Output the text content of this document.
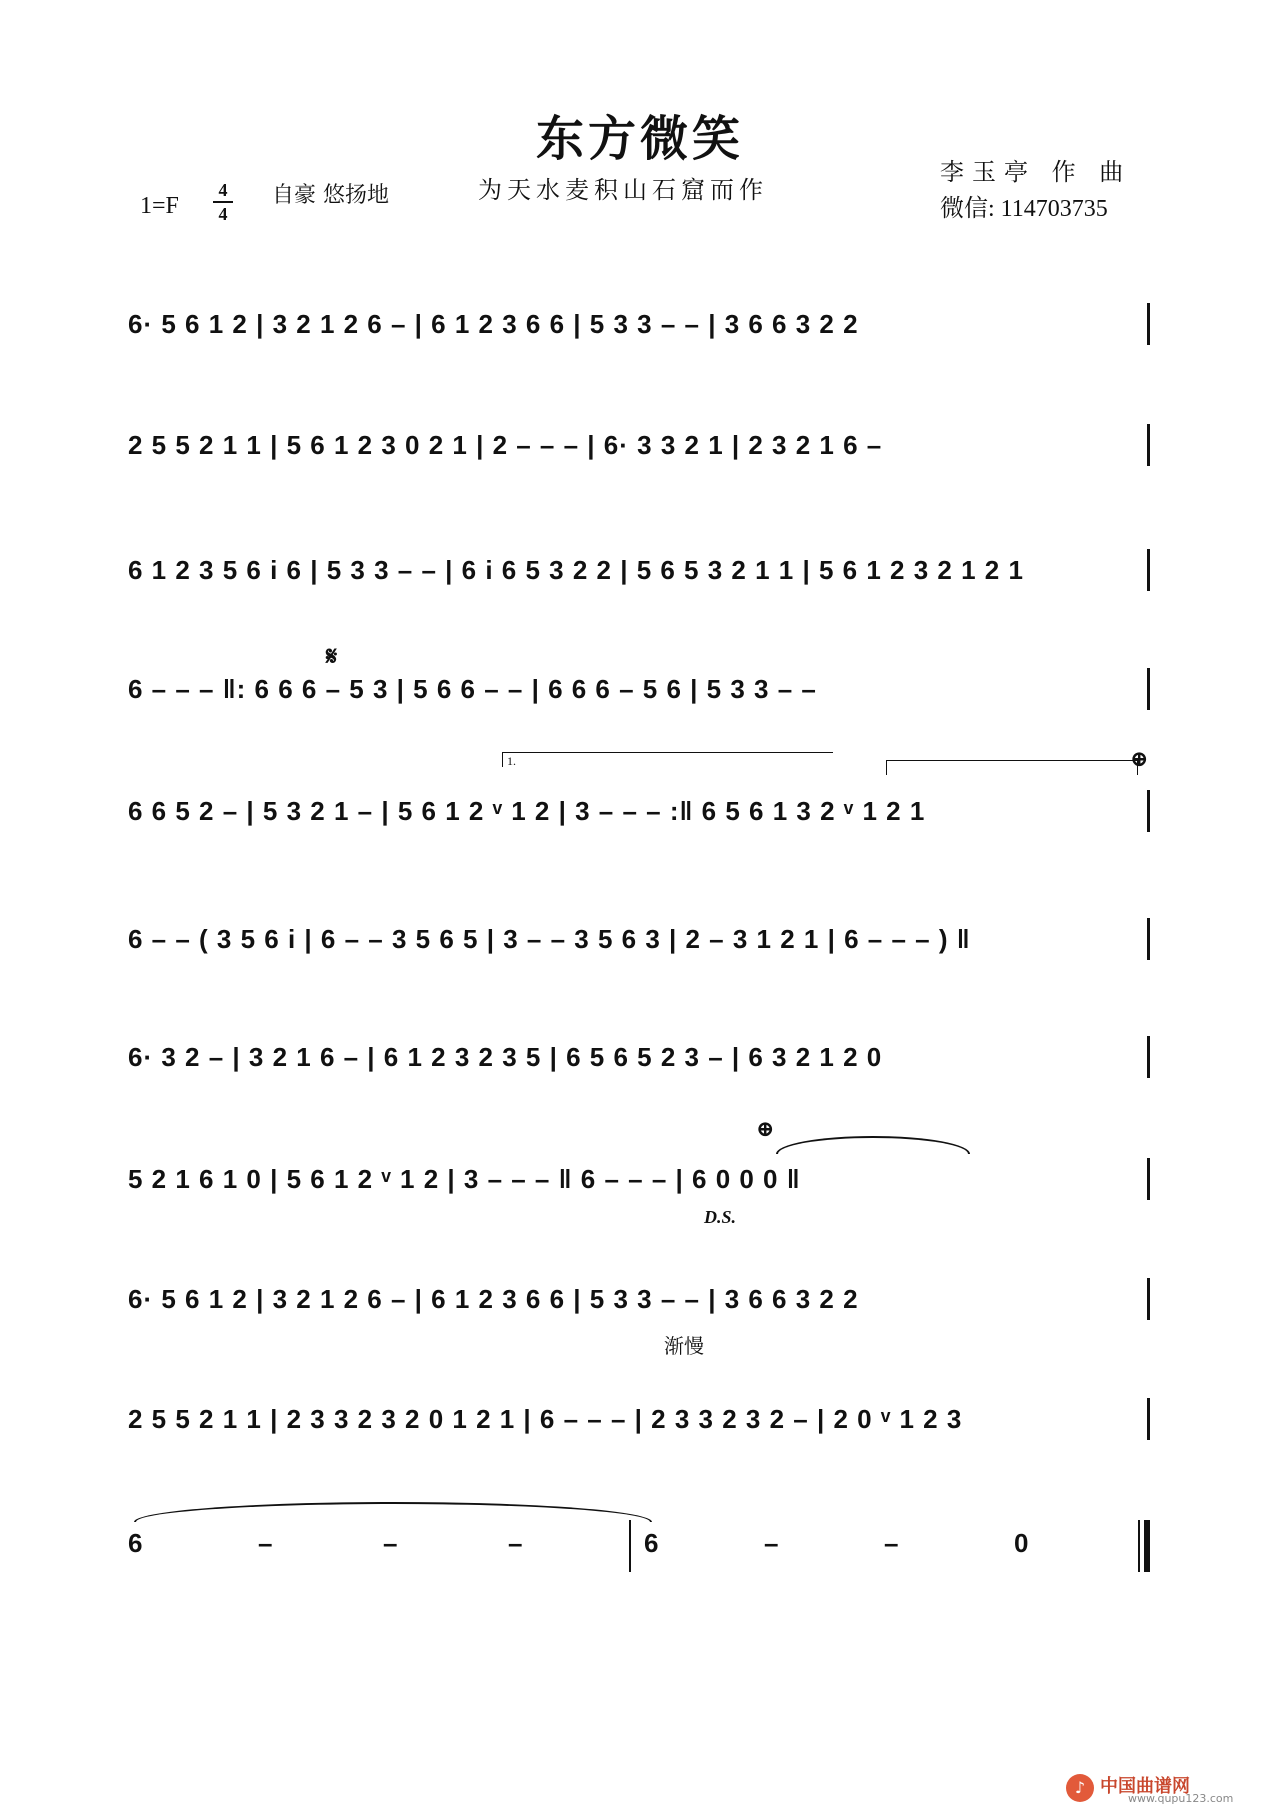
东方微笑
1=F
4
4
自豪 悠扬地	为天水麦积山石窟而作
李玉亭 作 曲
微信: 114703735
6· 5 6 1 2 | 3 2 1 2 6 – | 6 1 2 3 6 6 | 5 3 3 – – | 3 6 6 3 2 2
2 5 5 2 1 1 | 5 6 1 2 3 0 2 1 | 2 – – – | 6· 3 3 2 1 | 2 3 2 1 6 –
6 1 2 3 5 6 i 6 | 5 3 3 – – | 6 i 6 5 3 2 2 | 5 6 5 3 2 1 1 | 5 6 1 2 3 2 1 2 1
6 – – – ‖: 6 6 6 – 5 3 | 5 6 6 – – | 6 6 6 – 5 6 | 5 3 3 – –
6 6 5 2 – | 5 3 2 1 – | 5 6 1 2 ᵛ 1 2 | 3 – – – :‖ 6 5 6 1 3 2 ᵛ 1 2 1
6 – – ( 3 5 6 i | 6 – – 3 5 6 5 | 3 – – 3 5 6 3 | 2 – 3 1 2 1 | 6 – – – ) ‖
6· 3 2 – | 3 2 1 6 – | 6 1 2 3 2 3 5 | 6 5 6 5 2 3 – | 6 3 2 1 2 0
5 2 1 6 1 0 | 5 6 1 2 ᵛ 1 2 | 3 – – – ‖ 6 – – – | 6 0 0 0 ‖
6· 5 6 1 2 | 3 2 1 2 6 – | 6 1 2 3 6 6 | 5 3 3 – – | 3 6 6 3 2 2
2 5 5 2 1 1 | 2 3 3 2 3 2 0 1 2 1 | 6 – – – | 2 3 3 2 3 2 – | 2 0 ᵛ 1 2 3
6	–	–	–	6	–	–	0
𝄋
⊕
⊕
1.
D.S.
渐慢
♪ 中国曲谱网
www.qupu123.com
